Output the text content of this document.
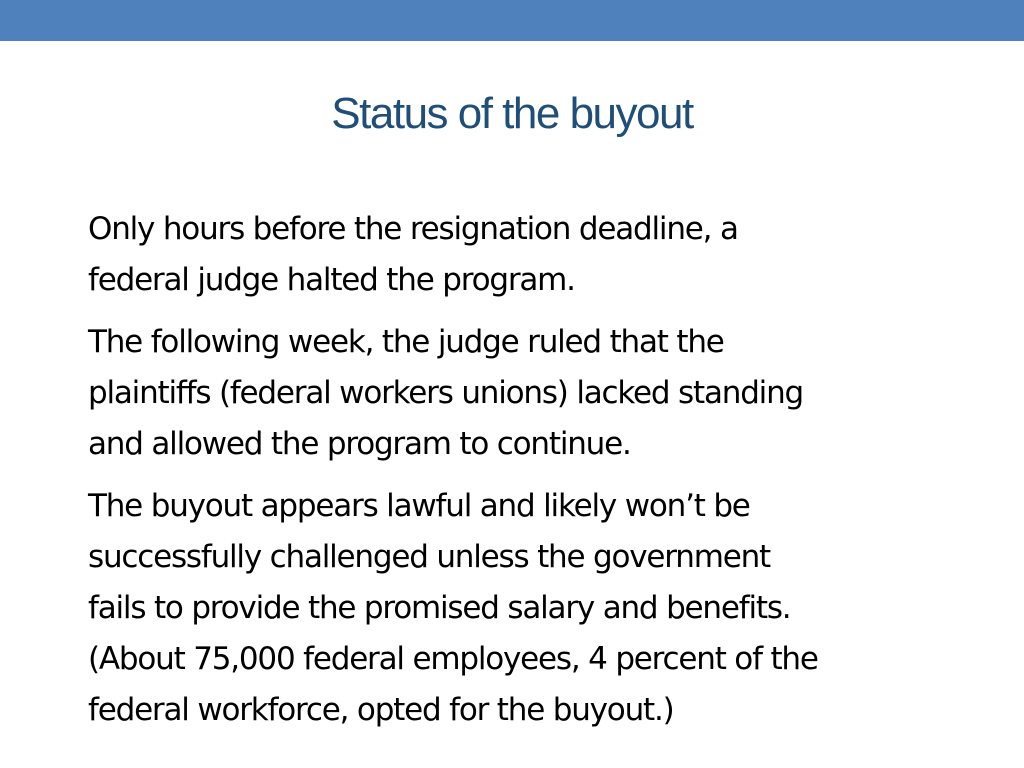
Status of the buyout

Only hours before the resignation deadline, a
federal judge halted the program.

The following week, the judge ruled that the
plaintiffs (federal workers unions) lacked standing
and allowed the program to continue.

The buyout appears lawful and likely won’t be
successfully challenged unless the government
fails to provide the promised salary and benefits.
(About 75,000 federal employees, 4 percent of the
federal workforce, opted for the buyout.)
